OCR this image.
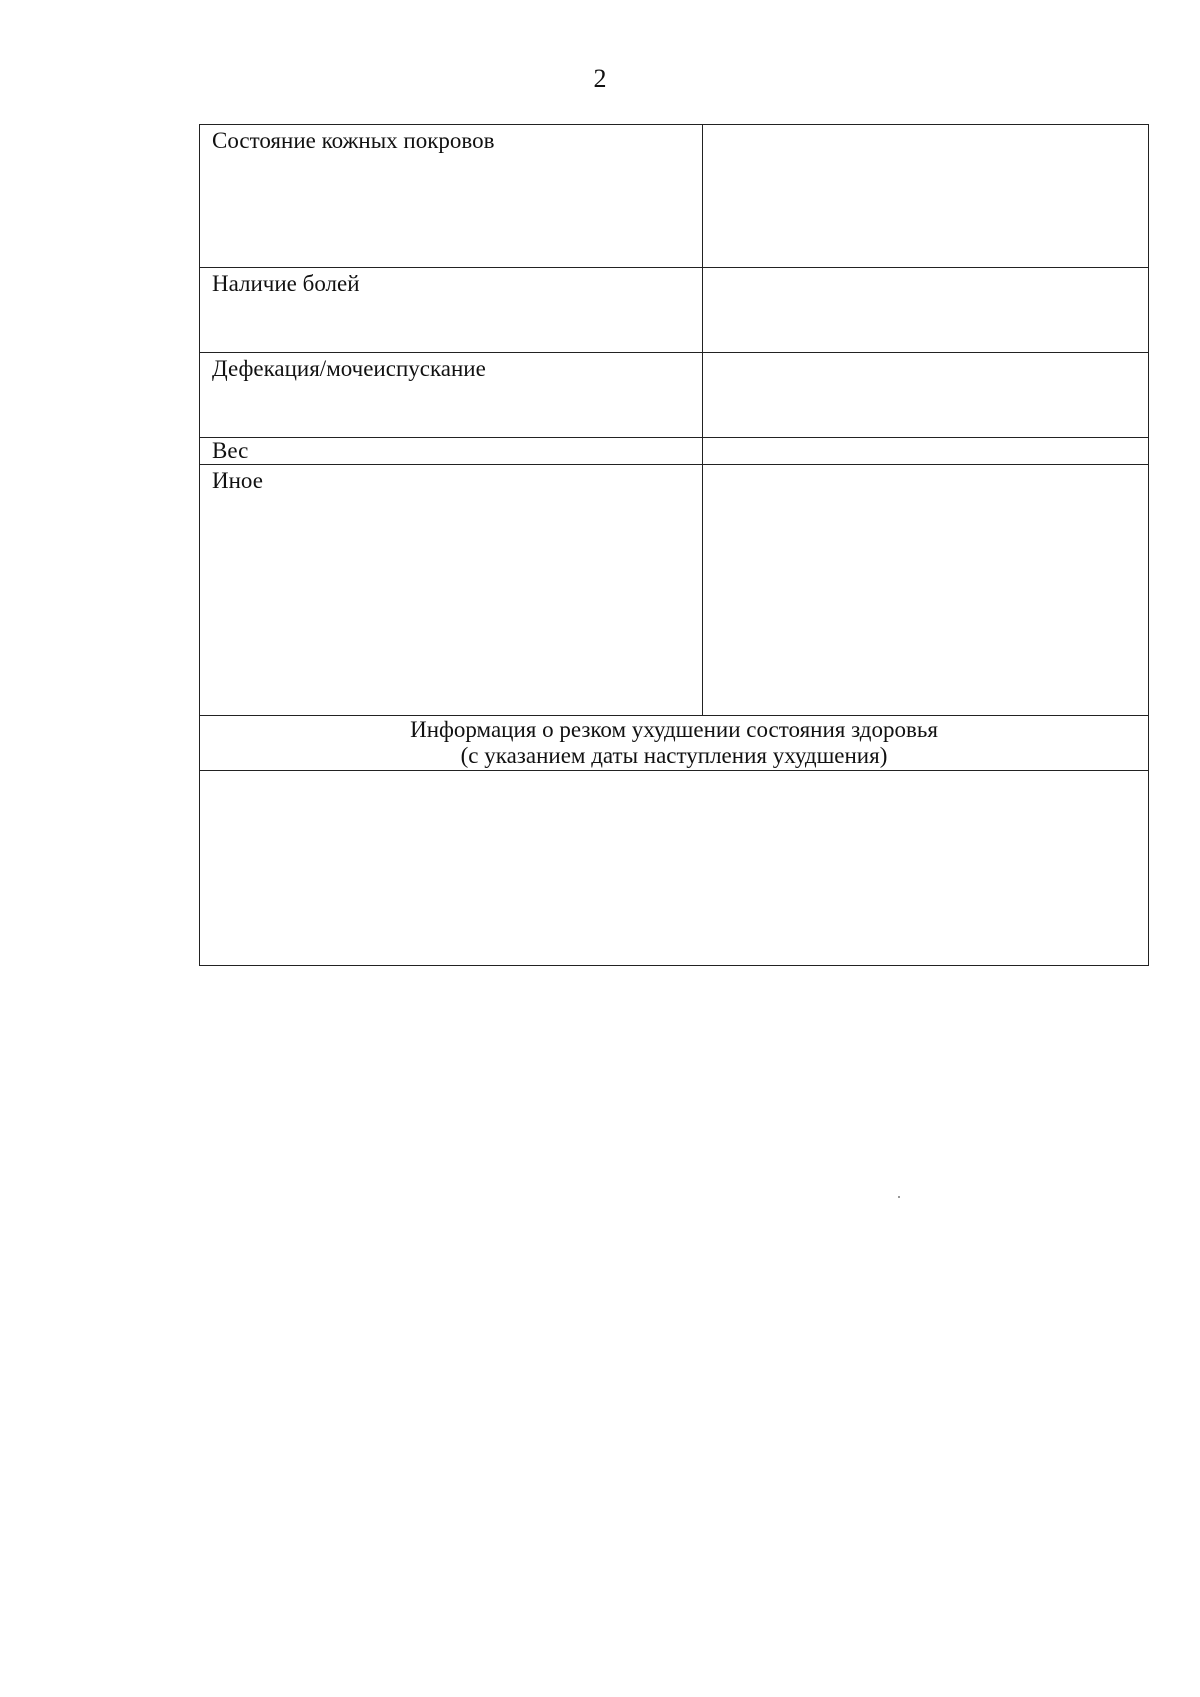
2
Состояние кожных покровов	
Наличие болей	
Дефекация/мочеиспускание	
Вес	
Иное	

Информация о резком ухудшении состояния здоровья
(с указанием даты наступления ухудшения)	
